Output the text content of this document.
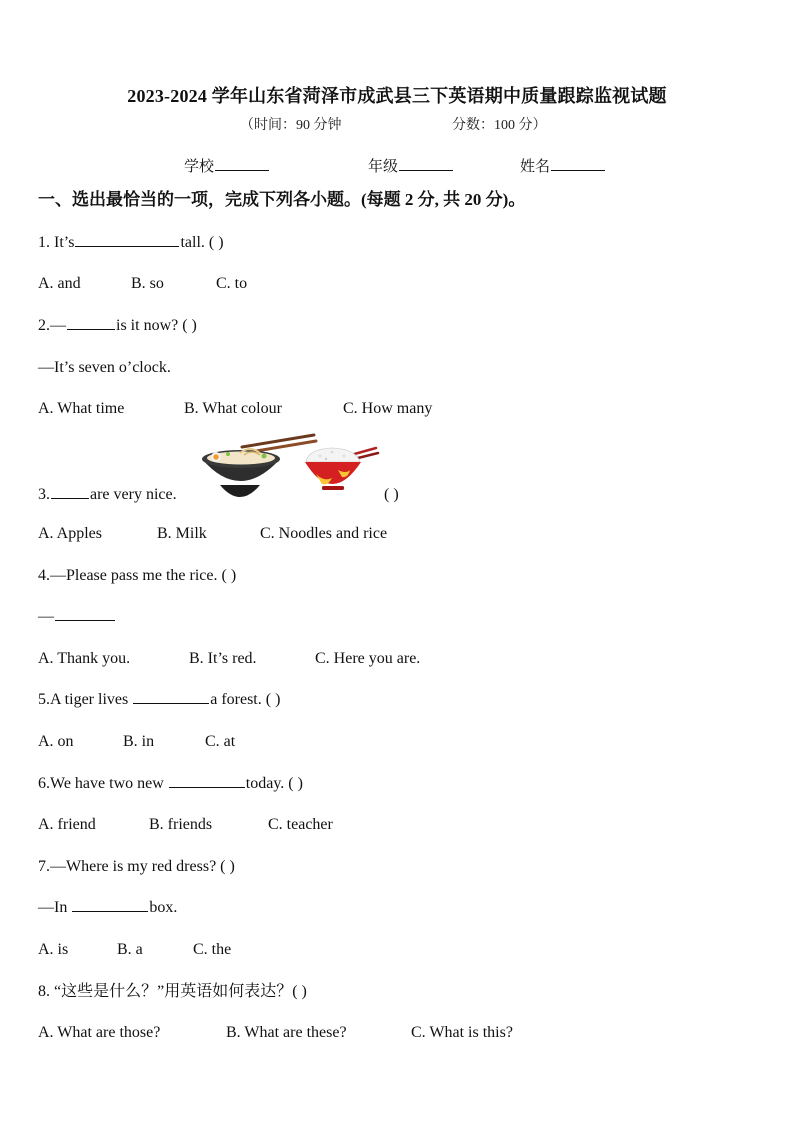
2023-2024 学年山东省菏泽市成武县三下英语期中质量跟踪监视试题
（时间：90 分钟	分数：100 分）
学校	年级	姓名
一、选出最恰当的一项，完成下列各小题。(每题 2 分, 共 20 分)。
1. It’s	tall. ( )
A. and	B. so	C. to
2.—	is it now? ( )
—It’s seven o’clock.
A. What time	B. What colour	C. How many
3.	are very nice.	( )
A. Apples	B. Milk	C. Noodles and rice
4.—Please pass me the rice. ( )
—
A. Thank you.	B. It’s red.	C. Here you are.
5.A tiger lives	a forest. ( )
A. on	B. in	C. at
6.We have two new	today. ( )
A. friend	B. friends	C. teacher
7.—Where is my red dress? ( )
—In	box.
A. is	B. a	C. the
8. “这些是什么？”用英语如何表达？( )
A. What are those?	B. What are these?	C. What is this?
